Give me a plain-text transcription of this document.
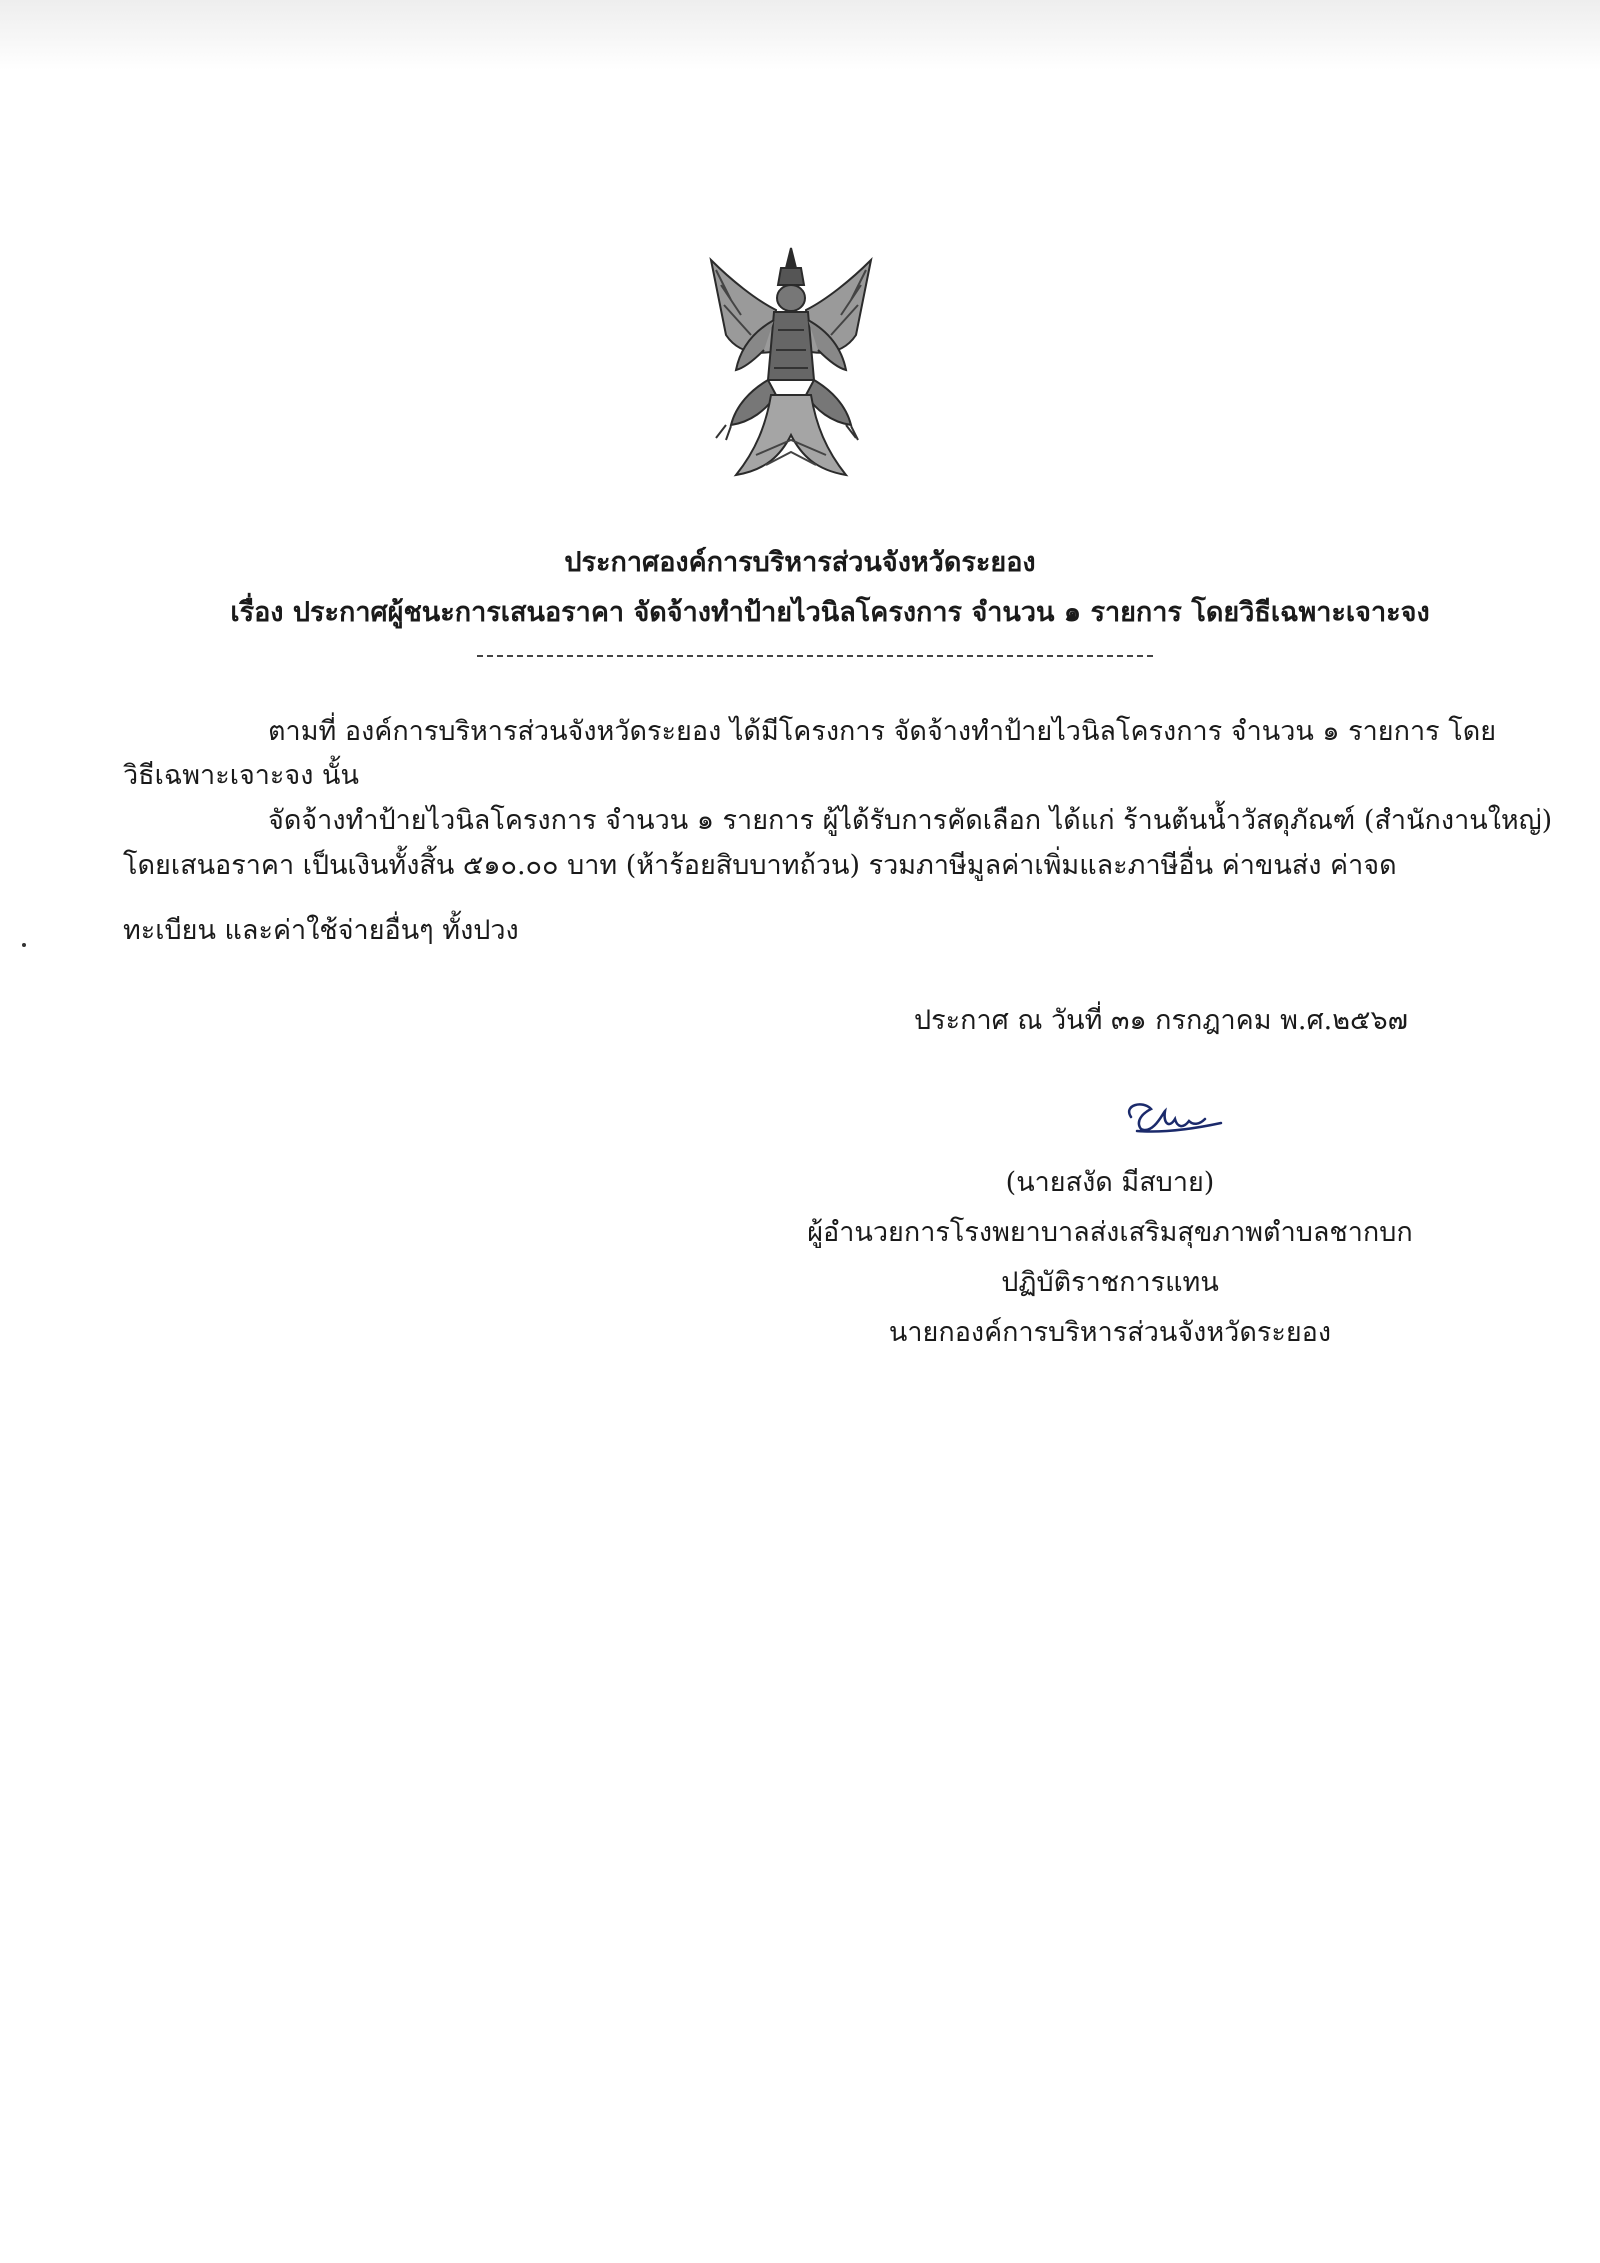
ประกาศองค์การบริหารส่วนจังหวัดระยอง
เรื่อง ประกาศผู้ชนะการเสนอราคา จัดจ้างทำป้ายไวนิลโครงการ จำนวน ๑ รายการ โดยวิธีเฉพาะเจาะจง
ตามที่ องค์การบริหารส่วนจังหวัดระยอง ได้มีโครงการ จัดจ้างทำป้ายไวนิลโครงการ จำนวน ๑ รายการ โดย
วิธีเฉพาะเจาะจง นั้น
จัดจ้างทำป้ายไวนิลโครงการ จำนวน ๑ รายการ ผู้ได้รับการคัดเลือก ได้แก่ ร้านต้นน้ำวัสดุภัณฑ์ (สำนักงานใหญ่)
โดยเสนอราคา เป็นเงินทั้งสิ้น ๕๑๐.๐๐ บาท (ห้าร้อยสิบบาทถ้วน) รวมภาษีมูลค่าเพิ่มและภาษีอื่น ค่าขนส่ง ค่าจด
ทะเบียน และค่าใช้จ่ายอื่นๆ ทั้งปวง
ประกาศ ณ วันที่ ๓๑ กรกฎาคม พ.ศ.๒๕๖๗
(นายสงัด มีสบาย)
ผู้อำนวยการโรงพยาบาลส่งเสริมสุขภาพตำบลชากบก
ปฏิบัติราชการแทน
นายกองค์การบริหารส่วนจังหวัดระยอง
